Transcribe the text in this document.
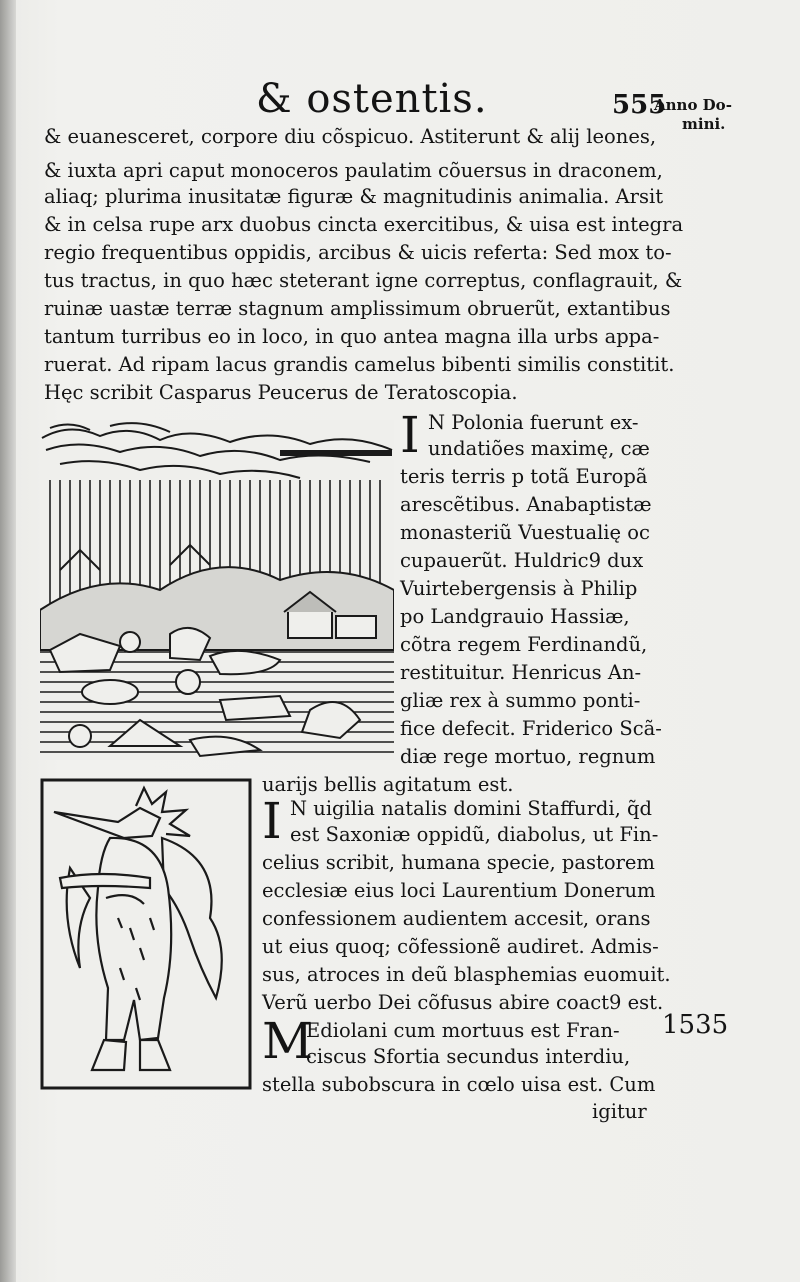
& ostentis.	555
Anno Do-
mini.
& euanesceret, corpore diu cõspicuo. Astiterunt & alij leones,
& iuxta apri caput monoceros paulatim cõuersus in draconem,
aliaq; plurima inusitatæ figuræ & magnitudinis animalia. Arsit
& in celsa rupe arx duobus cincta exercitibus, & uisa est integra
regio frequentibus oppidis, arcibus & uicis referta: Sed mox to-
tus tractus, in quo hæc steterant igne correptus, conflagrauit, &
ruinæ uastæ terræ stagnum amplissimum obruerũt, extantibus
tantum turribus eo in loco, in quo antea magna illa urbs appa-
ruerat. Ad ripam lacus grandis camelus bibenti similis constitit.
Hęc scribit Casparus Peucerus de Teratoscopia.
I N Polonia fuerunt ex-
undatiões maximę, cæ
teris terris p totã Europã
arescẽtibus. Anabaptistæ
monasteriũ Vuestualię oc
cupauerũt. Huldric9 dux
Vuirtebergensis à Philip
po Landgrauio Hassiæ,
cõtra regem Ferdinandũ,
restituitur. Henricus An-
gliæ rex à summo ponti-
fice defecit. Friderico Scã-
diæ rege mortuo, regnum
uarijs bellis agitatum est.
I N uigilia natalis domini Staffurdi, q̃d
est Saxoniæ oppidũ, diabolus, ut Fin-
celius scribit, humana specie, pastorem
ecclesiæ eius loci Laurentium Donerum
confessionem audientem accesit, orans
ut eius quoq; cõfessionẽ audiret. Admis-
sus, atroces in deũ blasphemias euomuit.
Verũ uerbo Dei cõfusus abire coact9 est.
M
Ediolani cum mortuus est Fran-
ciscus Sfortia secundus interdiu,
stella subobscura in cœlo uisa est. Cum
1535
igitur
